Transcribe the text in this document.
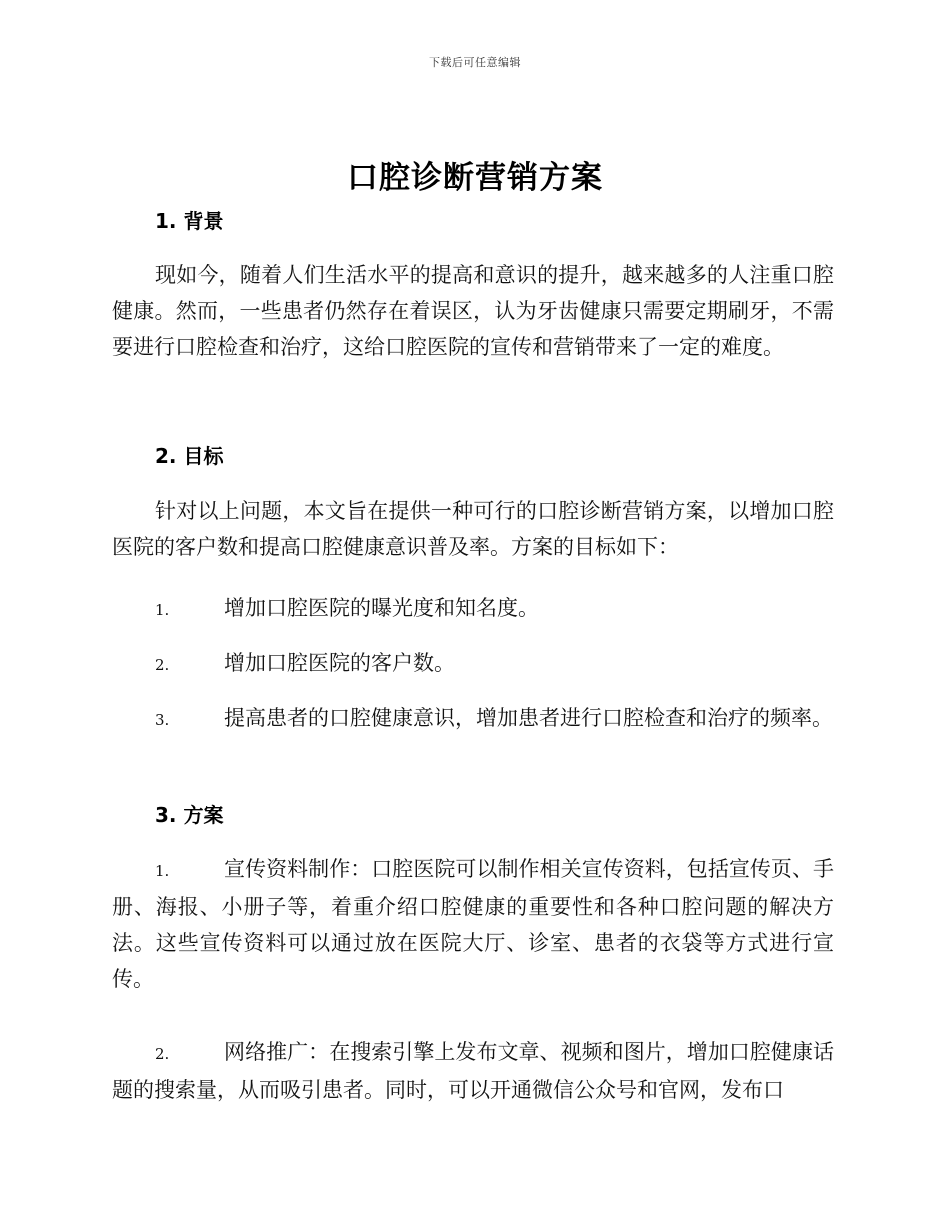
下载后可任意编辑
口腔诊断营销方案
1. 背景
现如今，随着人们生活水平的提高和意识的提升，越来越多的人注重口腔健康。然而，一些患者仍然存在着误区，认为牙齿健康只需要定期刷牙，不需要进行口腔检查和治疗，这给口腔医院的宣传和营销带来了一定的难度。
2. 目标
针对以上问题，本文旨在提供一种可行的口腔诊断营销方案，以增加口腔医院的客户数和提高口腔健康意识普及率。方案的目标如下：
1.	增加口腔医院的曝光度和知名度。
2.	增加口腔医院的客户数。
3.	提高患者的口腔健康意识，增加患者进行口腔检查和治疗的频率。
3. 方案
1.	宣传资料制作：口腔医院可以制作相关宣传资料，包括宣传页、手册、海报、小册子等，着重介绍口腔健康的重要性和各种口腔问题的解决方法。这些宣传资料可以通过放在医院大厅、诊室、患者的衣袋等方式进行宣传。
2.	网络推广：在搜索引擎上发布文章、视频和图片，增加口腔健康话题的搜索量，从而吸引患者。同时，可以开通微信公众号和官网，发布口
